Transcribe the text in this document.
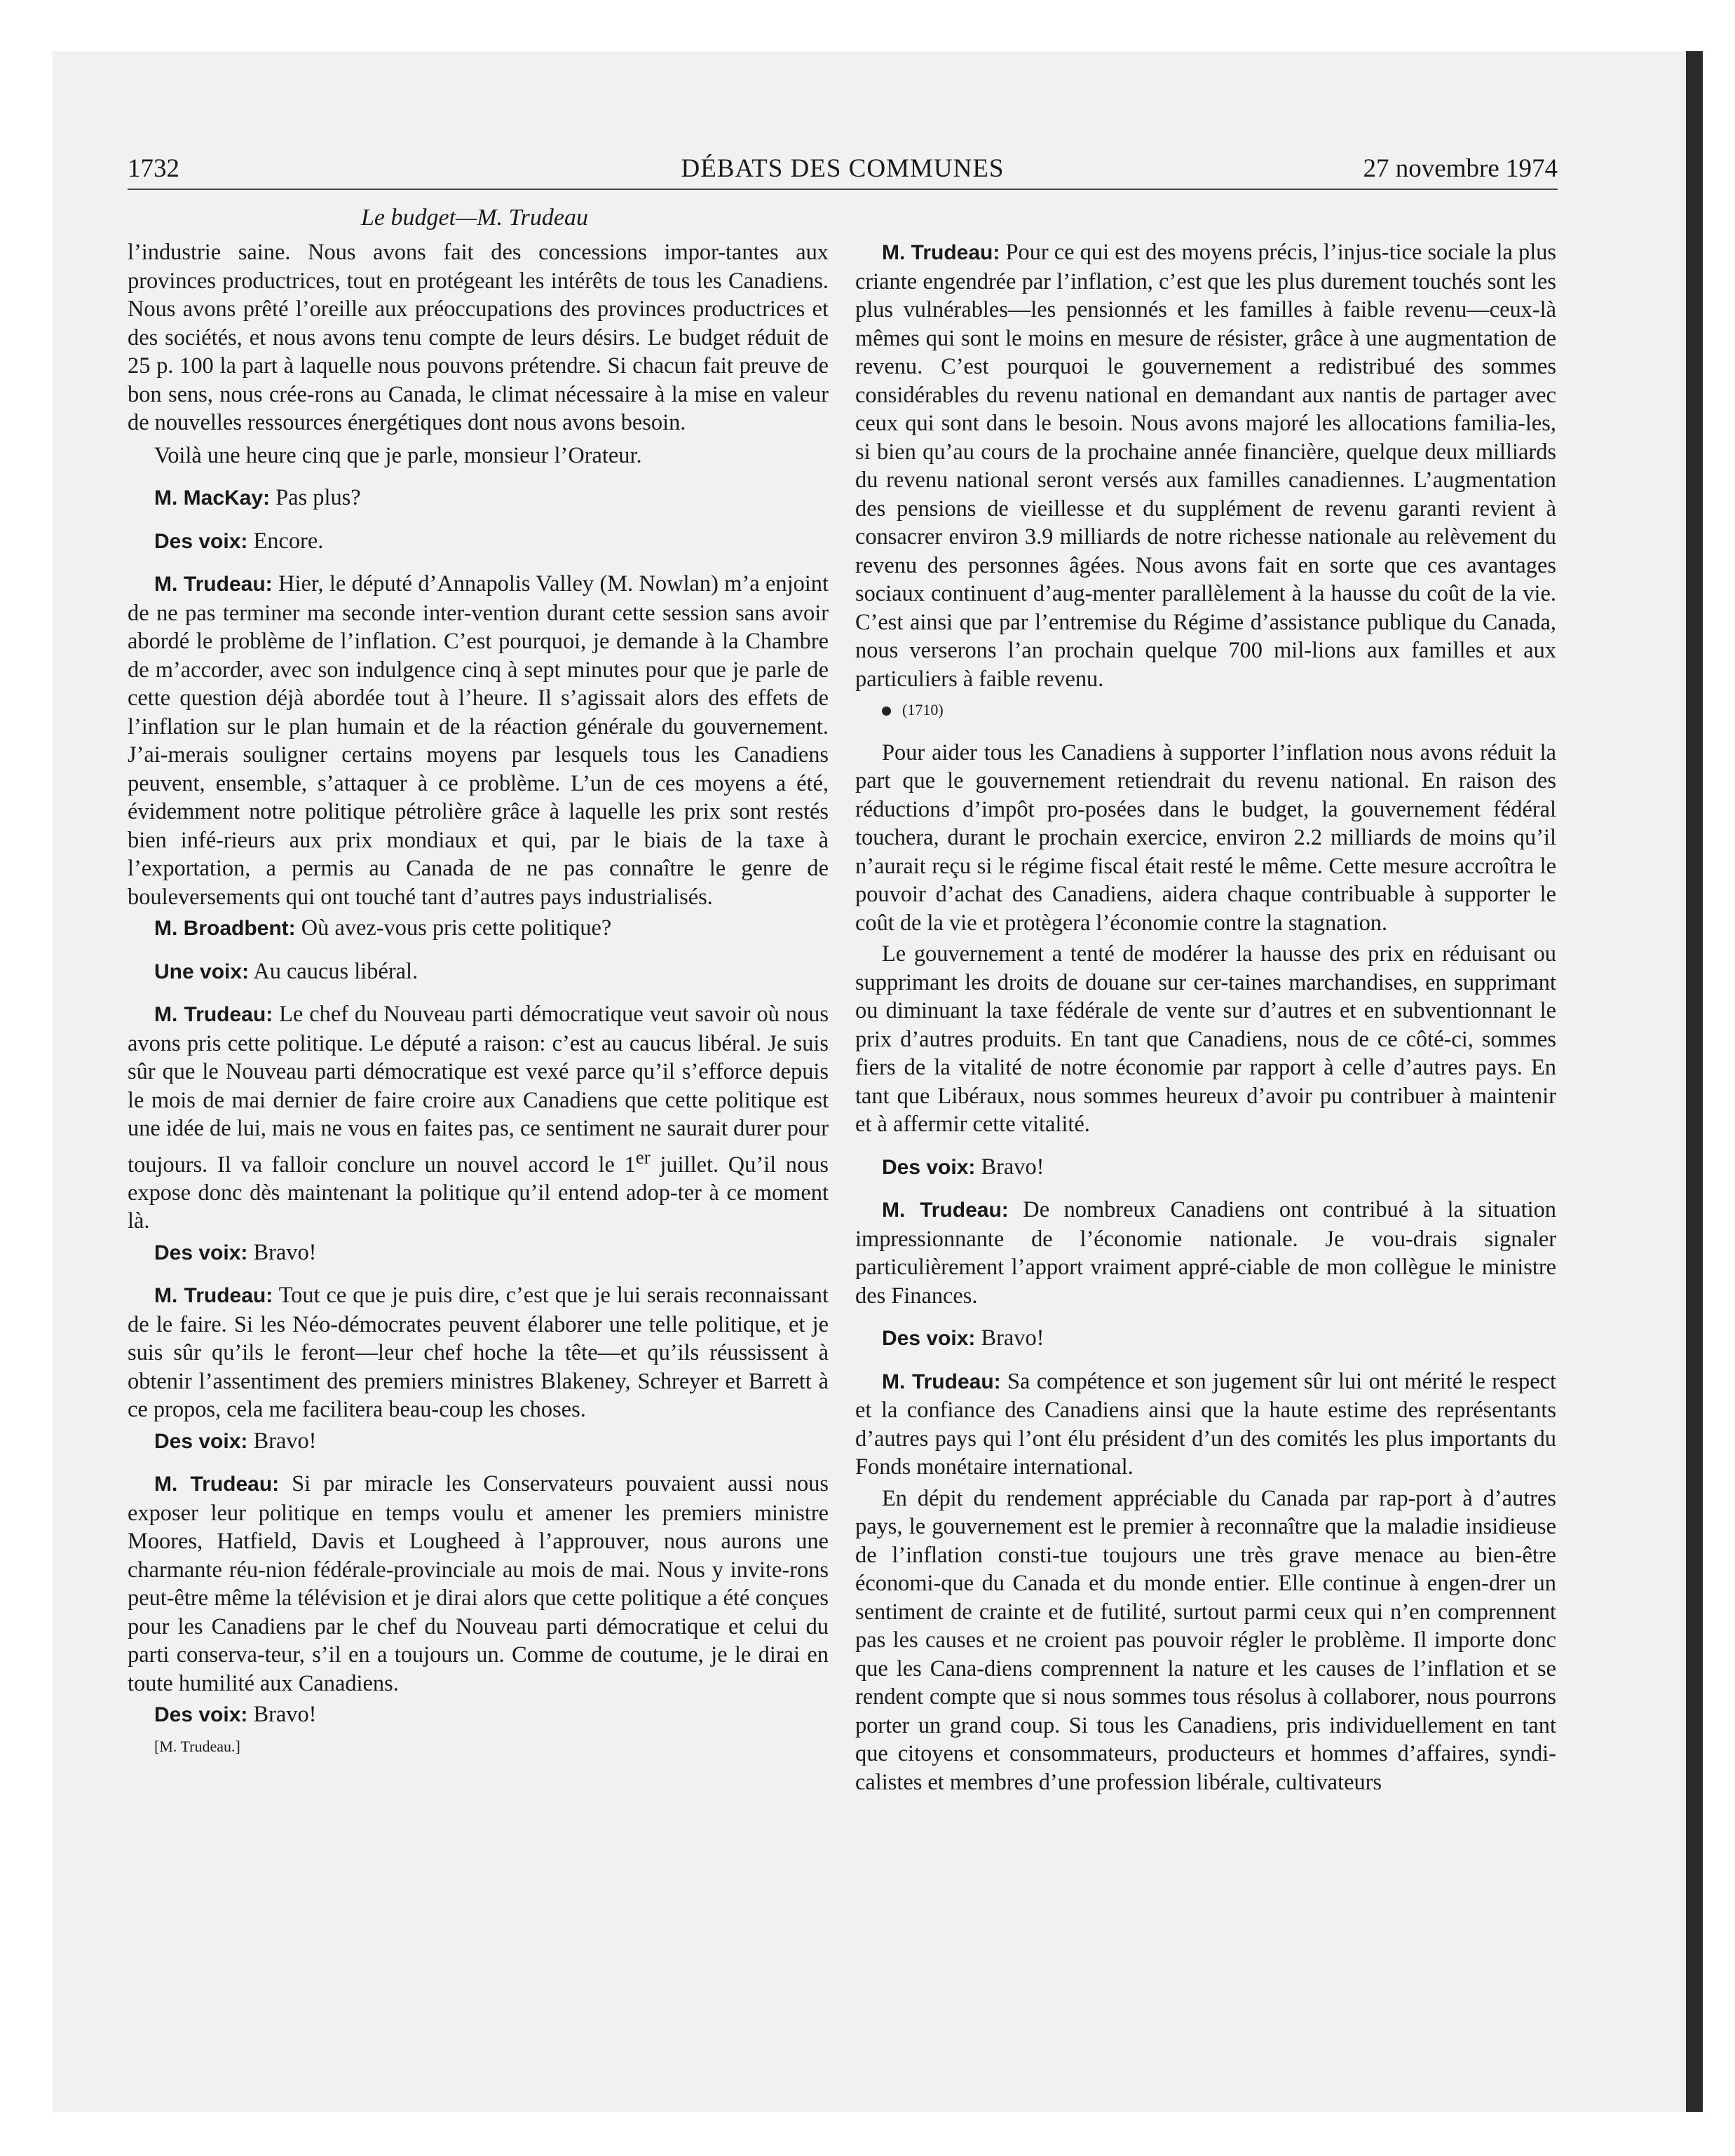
1732	DÉBATS DES COMMUNES	27 novembre 1974
Le budget—M. Trudeau

l’industrie saine. Nous avons fait des concessions impor-tantes aux provinces productrices, tout en protégeant les intérêts de tous les Canadiens. Nous avons prêté l’oreille aux préoccupations des provinces productrices et des sociétés, et nous avons tenu compte de leurs désirs. Le budget réduit de 25 p. 100 la part à laquelle nous pouvons prétendre. Si chacun fait preuve de bon sens, nous crée-rons au Canada, le climat nécessaire à la mise en valeur de nouvelles ressources énergétiques dont nous avons besoin.

Voilà une heure cinq que je parle, monsieur l’Orateur.

M. MacKay: Pas plus?

Des voix: Encore.

M. Trudeau: Hier, le député d’Annapolis Valley (M. Nowlan) m’a enjoint de ne pas terminer ma seconde inter-vention durant cette session sans avoir abordé le problème de l’inflation. C’est pourquoi, je demande à la Chambre de m’accorder, avec son indulgence cinq à sept minutes pour que je parle de cette question déjà abordée tout à l’heure. Il s’agissait alors des effets de l’inflation sur le plan humain et de la réaction générale du gouvernement. J’ai-merais souligner certains moyens par lesquels tous les Canadiens peuvent, ensemble, s’attaquer à ce problème. L’un de ces moyens a été, évidemment notre politique pétrolière grâce à laquelle les prix sont restés bien infé-rieurs aux prix mondiaux et qui, par le biais de la taxe à l’exportation, a permis au Canada de ne pas connaître le genre de bouleversements qui ont touché tant d’autres pays industrialisés.

M. Broadbent: Où avez-vous pris cette politique?

Une voix: Au caucus libéral.

M. Trudeau: Le chef du Nouveau parti démocratique veut savoir où nous avons pris cette politique. Le député a raison: c’est au caucus libéral. Je suis sûr que le Nouveau parti démocratique est vexé parce qu’il s’efforce depuis le mois de mai dernier de faire croire aux Canadiens que cette politique est une idée de lui, mais ne vous en faites pas, ce sentiment ne saurait durer pour toujours. Il va falloir conclure un nouvel accord le 1er juillet. Qu’il nous expose donc dès maintenant la politique qu’il entend adop-ter à ce moment là.

Des voix: Bravo!

M. Trudeau: Tout ce que je puis dire, c’est que je lui serais reconnaissant de le faire. Si les Néo-démocrates peuvent élaborer une telle politique, et je suis sûr qu’ils le feront—leur chef hoche la tête—et qu’ils réussissent à obtenir l’assentiment des premiers ministres Blakeney, Schreyer et Barrett à ce propos, cela me facilitera beau-coup les choses.

Des voix: Bravo!

M. Trudeau: Si par miracle les Conservateurs pouvaient aussi nous exposer leur politique en temps voulu et amener les premiers ministre Moores, Hatfield, Davis et Lougheed à l’approuver, nous aurons une charmante réu-nion fédérale-provinciale au mois de mai. Nous y invite-rons peut-être même la télévision et je dirai alors que cette politique a été conçues pour les Canadiens par le chef du Nouveau parti démocratique et celui du parti conserva-teur, s’il en a toujours un. Comme de coutume, je le dirai en toute humilité aux Canadiens.

Des voix: Bravo!

[M. Trudeau.]

M. Trudeau: Pour ce qui est des moyens précis, l’injus-tice sociale la plus criante engendrée par l’inflation, c’est que les plus durement touchés sont les plus vulnérables—les pensionnés et les familles à faible revenu—ceux-là mêmes qui sont le moins en mesure de résister, grâce à une augmentation de revenu. C’est pourquoi le gouvernement a redistribué des sommes considérables du revenu national en demandant aux nantis de partager avec ceux qui sont dans le besoin. Nous avons majoré les allocations familia-les, si bien qu’au cours de la prochaine année financière, quelque deux milliards du revenu national seront versés aux familles canadiennes. L’augmentation des pensions de vieillesse et du supplément de revenu garanti revient à consacrer environ 3.9 milliards de notre richesse nationale au relèvement du revenu des personnes âgées. Nous avons fait en sorte que ces avantages sociaux continuent d’aug-menter parallèlement à la hausse du coût de la vie. C’est ainsi que par l’entremise du Régime d’assistance publique du Canada, nous verserons l’an prochain quelque 700 mil-lions aux familles et aux particuliers à faible revenu.

(1710)

Pour aider tous les Canadiens à supporter l’inflation nous avons réduit la part que le gouvernement retiendrait du revenu national. En raison des réductions d’impôt pro-posées dans le budget, la gouvernement fédéral touchera, durant le prochain exercice, environ 2.2 milliards de moins qu’il n’aurait reçu si le régime fiscal était resté le même. Cette mesure accroîtra le pouvoir d’achat des Canadiens, aidera chaque contribuable à supporter le coût de la vie et protègera l’économie contre la stagnation.

Le gouvernement a tenté de modérer la hausse des prix en réduisant ou supprimant les droits de douane sur cer-taines marchandises, en supprimant ou diminuant la taxe fédérale de vente sur d’autres et en subventionnant le prix d’autres produits. En tant que Canadiens, nous de ce côté-ci, sommes fiers de la vitalité de notre économie par rapport à celle d’autres pays. En tant que Libéraux, nous sommes heureux d’avoir pu contribuer à maintenir et à affermir cette vitalité.

Des voix: Bravo!

M. Trudeau: De nombreux Canadiens ont contribué à la situation impressionnante de l’économie nationale. Je vou-drais signaler particulièrement l’apport vraiment appré-ciable de mon collègue le ministre des Finances.

Des voix: Bravo!

M. Trudeau: Sa compétence et son jugement sûr lui ont mérité le respect et la confiance des Canadiens ainsi que la haute estime des représentants d’autres pays qui l’ont élu président d’un des comités les plus importants du Fonds monétaire international.

En dépit du rendement appréciable du Canada par rap-port à d’autres pays, le gouvernement est le premier à reconnaître que la maladie insidieuse de l’inflation consti-tue toujours une très grave menace au bien-être économi-que du Canada et du monde entier. Elle continue à engen-drer un sentiment de crainte et de futilité, surtout parmi ceux qui n’en comprennent pas les causes et ne croient pas pouvoir régler le problème. Il importe donc que les Cana-diens comprennent la nature et les causes de l’inflation et se rendent compte que si nous sommes tous résolus à collaborer, nous pourrons porter un grand coup. Si tous les Canadiens, pris individuellement en tant que citoyens et consommateurs, producteurs et hommes d’affaires, syndi-calistes et membres d’une profession libérale, cultivateurs
